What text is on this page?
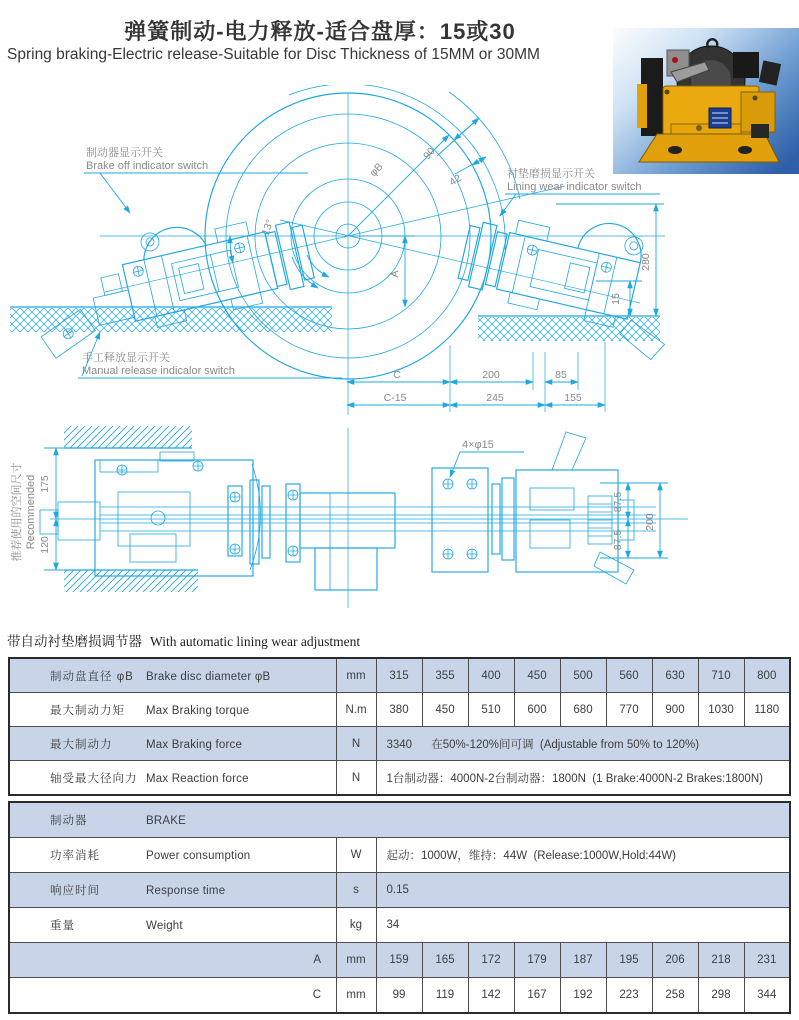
弹簧制动-电力释放-适合盘厚：15或30
Spring braking-Electric release-Suitable for Disc Thickness of 15MM or 30MM
φB
90
42
13°
制动器显示开关
Brake off indicator switch
衬垫磨损显示开关
Lining wear indicator switch
手工释放显示开关
Manual release indicalor switch
A
280
15
C	200	85
C-15	245	155
推荐使用的空间尺寸 Recommended 175
120
4×φ15
87.5
87.5
200
带自动衬垫磨损调节器 With automatic lining wear adjustment
制动盘直径 φB Brake disc diameter φB	mm	315	355	400	450	500	560	630	710	800
最大制动力矩 Max Braking torque	N.m	380	450	510	600	680	770	900	1030	1180
最大制动力 Max Braking force	N	3340      在50%-120%间可调  (Adjustable from 50% to 120%)								
轴受最大径向力 Max Reaction force	N	1台制动器：4000N-2台制动器：1800N  (1 Brake:4000N-2 Brakes:1800N)								
制动器 BRAKE										
功率消耗 Power consumption	W	起动：1000W，维持：44W  (Release:1000W,Hold:44W)								
响应时间 Response time	s	0.15								
重量 Weight	kg	34								
A	mm	159	165	172	179	187	195	206	218	231
C	mm	99	119	142	167	192	223	258	298	344
